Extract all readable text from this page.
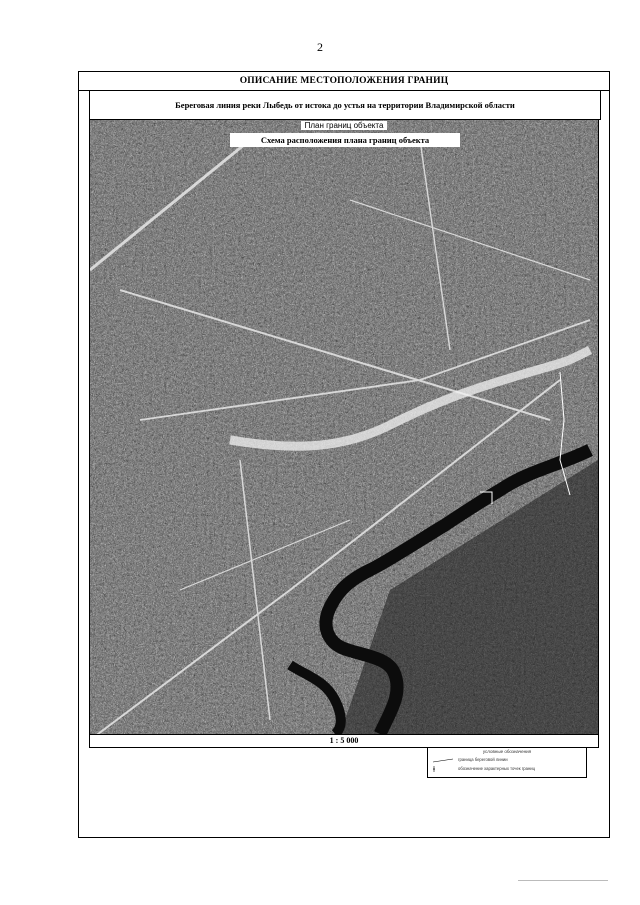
2
ОПИСАНИЕ МЕСТОПОЛОЖЕНИЯ ГРАНИЦ
Береговая линия реки Лыбедь от истока до устья на территории Владимирской области
План границ объекта
Схема расположения плана границ объекта
1 : 5 000
условные обозначения
граница береговой линии
обозначение характерных точек границ
